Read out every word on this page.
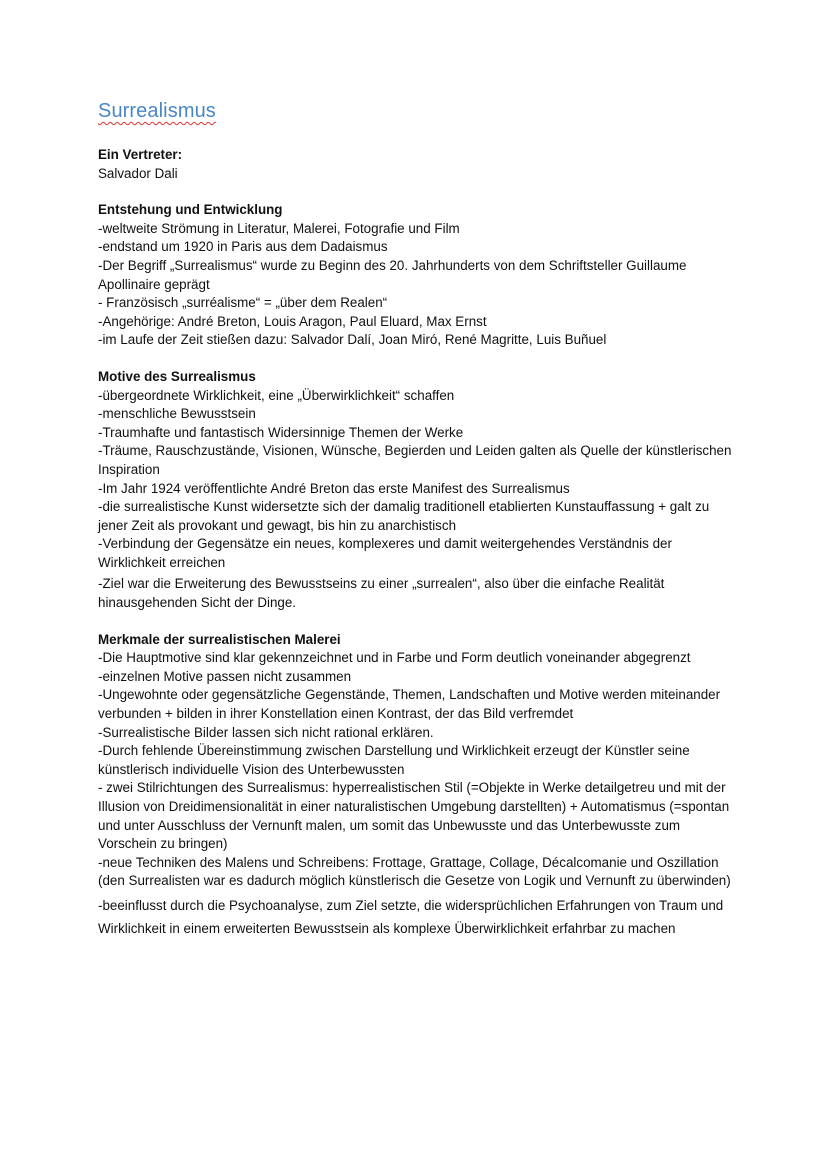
Surrealismus

Ein Vertreter:

Salvador Dali

Entstehung und Entwicklung

-weltweite Strömung in Literatur, Malerei, Fotografie und Film

-endstand um 1920 in Paris aus dem Dadaismus

-Der Begriff „Surrealismus“ wurde zu Beginn des 20. Jahrhunderts von dem Schriftsteller Guillaume Apollinaire geprägt

- Französisch „surréalisme“ = „über dem Realen“

-Angehörige: André Breton, Louis Aragon, Paul Eluard, Max Ernst

-im Laufe der Zeit stießen dazu: Salvador Dalí, Joan Miró, René Magritte, Luis Buñuel

Motive des Surrealismus

-übergeordnete Wirklichkeit, eine „Überwirklichkeit“ schaffen

-menschliche Bewusstsein

-Traumhafte und fantastisch Widersinnige Themen der Werke

-Träume, Rauschzustände, Visionen, Wünsche, Begierden und Leiden galten als Quelle der künstlerischen Inspiration

-Im Jahr 1924 veröffentlichte André Breton das erste Manifest des Surrealismus

-die surrealistische Kunst widersetzte sich der damalig traditionell etablierten Kunstauffassung + galt zu jener Zeit als provokant und gewagt, bis hin zu anarchistisch

-Verbindung der Gegensätze ein neues, komplexeres und damit weitergehendes Verständnis der Wirklichkeit erreichen

-Ziel war die Erweiterung des Bewusstseins zu einer „surrealen“, also über die einfache Realität hinausgehenden Sicht der Dinge.

Merkmale der surrealistischen Malerei

-Die Hauptmotive sind klar gekennzeichnet und in Farbe und Form deutlich voneinander abgegrenzt

-einzelnen Motive passen nicht zusammen

-Ungewohnte oder gegensätzliche Gegenstände, Themen, Landschaften und Motive werden miteinander verbunden + bilden in ihrer Konstellation einen Kontrast, der das Bild verfremdet

-Surrealistische Bilder lassen sich nicht rational erklären.

-Durch fehlende Übereinstimmung zwischen Darstellung und Wirklichkeit erzeugt der Künstler seine künstlerisch individuelle Vision des Unterbewussten

- zwei Stilrichtungen des Surrealismus: hyperrealistischen Stil (=Objekte in Werke detailgetreu und mit der Illusion von Dreidimensionalität in einer naturalistischen Umgebung darstellten) + Automatismus (=spontan und unter Ausschluss der Vernunft malen, um somit das Unbewusste und das Unterbewusste zum Vorschein zu bringen)

-neue Techniken des Malens und Schreibens: Frottage, Grattage, Collage, Décalcomanie und Oszillation (den Surrealisten war es dadurch möglich künstlerisch die Gesetze von Logik und Vernunft zu überwinden)

-beeinflusst durch die Psychoanalyse, zum Ziel setzte, die widersprüchlichen Erfahrungen von Traum und Wirklichkeit in einem erweiterten Bewusstsein als komplexe Überwirklichkeit erfahrbar zu machen
